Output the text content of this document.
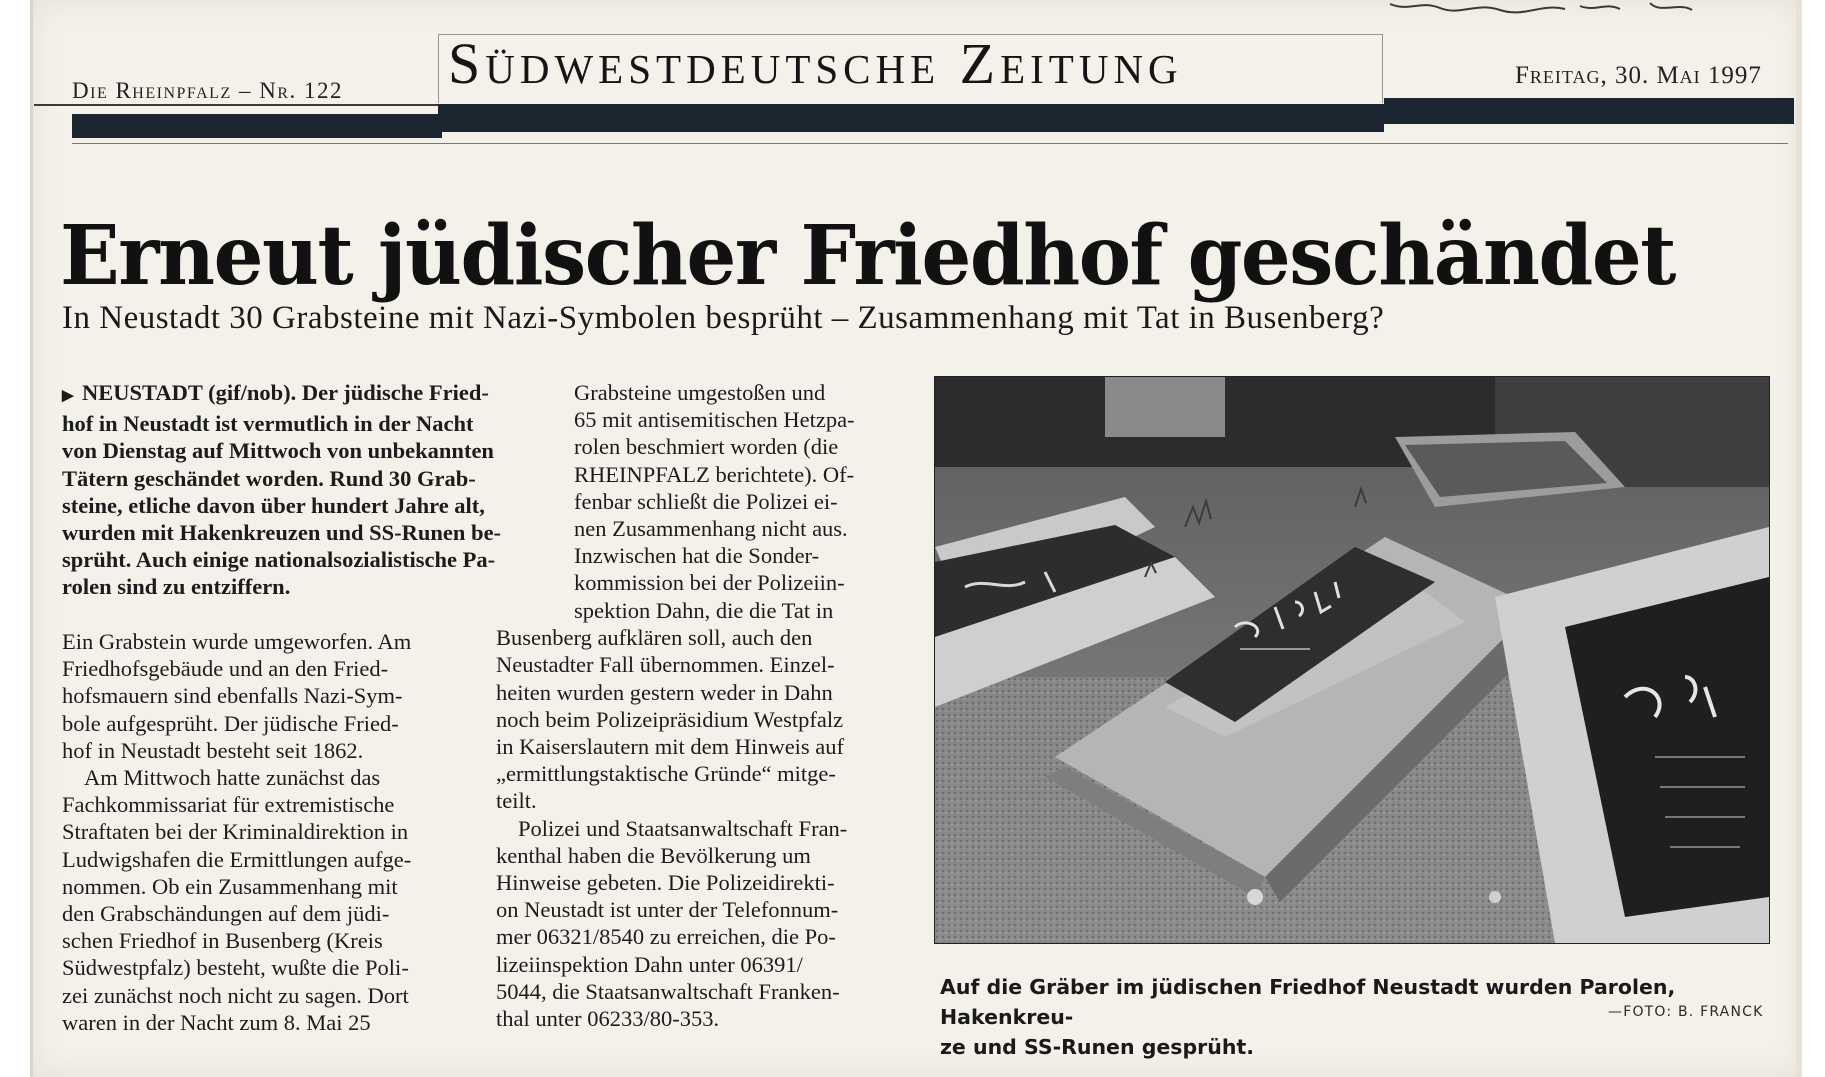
Die Rheinpfalz – Nr. 122 Südwestdeutsche Zeitung	Freitag, 30. Mai 1997
Erneut jüdischer Friedhof geschändet
In Neustadt 30 Grabsteine mit Nazi-Symbolen besprüht – Zusammenhang mit Tat in Busenberg?

▶ NEUSTADT (gif/nob). Der jüdische Fried-
hof in Neustadt ist vermutlich in der Nacht
von Dienstag auf Mittwoch von unbekannten
Tätern geschändet worden. Rund 30 Grab-
steine, etliche davon über hundert Jahre alt,
wurden mit Hakenkreuzen und SS-Runen be-
sprüht. Auch einige nationalsozialistische Pa-
rolen sind zu entziffern.

Ein Grabstein wurde umgeworfen. Am
Friedhofsgebäude und an den Fried-
hofsmauern sind ebenfalls Nazi-Sym-
bole aufgesprüht. Der jüdische Fried-
hof in Neustadt besteht seit 1862.

Am Mittwoch hatte zunächst das
Fachkommissariat für extremistische
Straftaten bei der Kriminaldirektion in
Ludwigshafen die Ermittlungen aufge-
nommen. Ob ein Zusammenhang mit
den Grabschändungen auf dem jüdi-
schen Friedhof in Busenberg (Kreis
Südwestpfalz) besteht, wußte die Poli-
zei zunächst noch nicht zu sagen. Dort
waren in der Nacht zum 8. Mai 25

Grabsteine umgestoßen und
65 mit antisemitischen Hetzpa-
rolen beschmiert worden (die
RHEINPFALZ berichtete). Of-
fenbar schließt die Polizei ei-
nen Zusammenhang nicht aus.
Inzwischen hat die Sonder-
kommission bei der Polizeiin-

spektion Dahn, die die Tat in
Busenberg aufklären soll, auch den
Neustadter Fall übernommen. Einzel-
heiten wurden gestern weder in Dahn
noch beim Polizeipräsidium Westpfalz
in Kaiserslautern mit dem Hinweis auf
„ermittlungstaktische Gründe“ mitge-
teilt.

Polizei und Staatsanwaltschaft Fran-
kenthal haben die Bevölkerung um
Hinweise gebeten. Die Polizeidirekti-
on Neustadt ist unter der Telefonnum-
mer 06321/8540 zu erreichen, die Po-
lizeiinspektion Dahn unter 06391/
5044, die Staatsanwaltschaft Franken-
thal unter 06233/80-353.

Auf die Gräber im jüdischen Friedhof Neustadt wurden Parolen, Hakenkreu-
ze und SS-Runen gesprüht.
—FOTO: B. FRANCK
